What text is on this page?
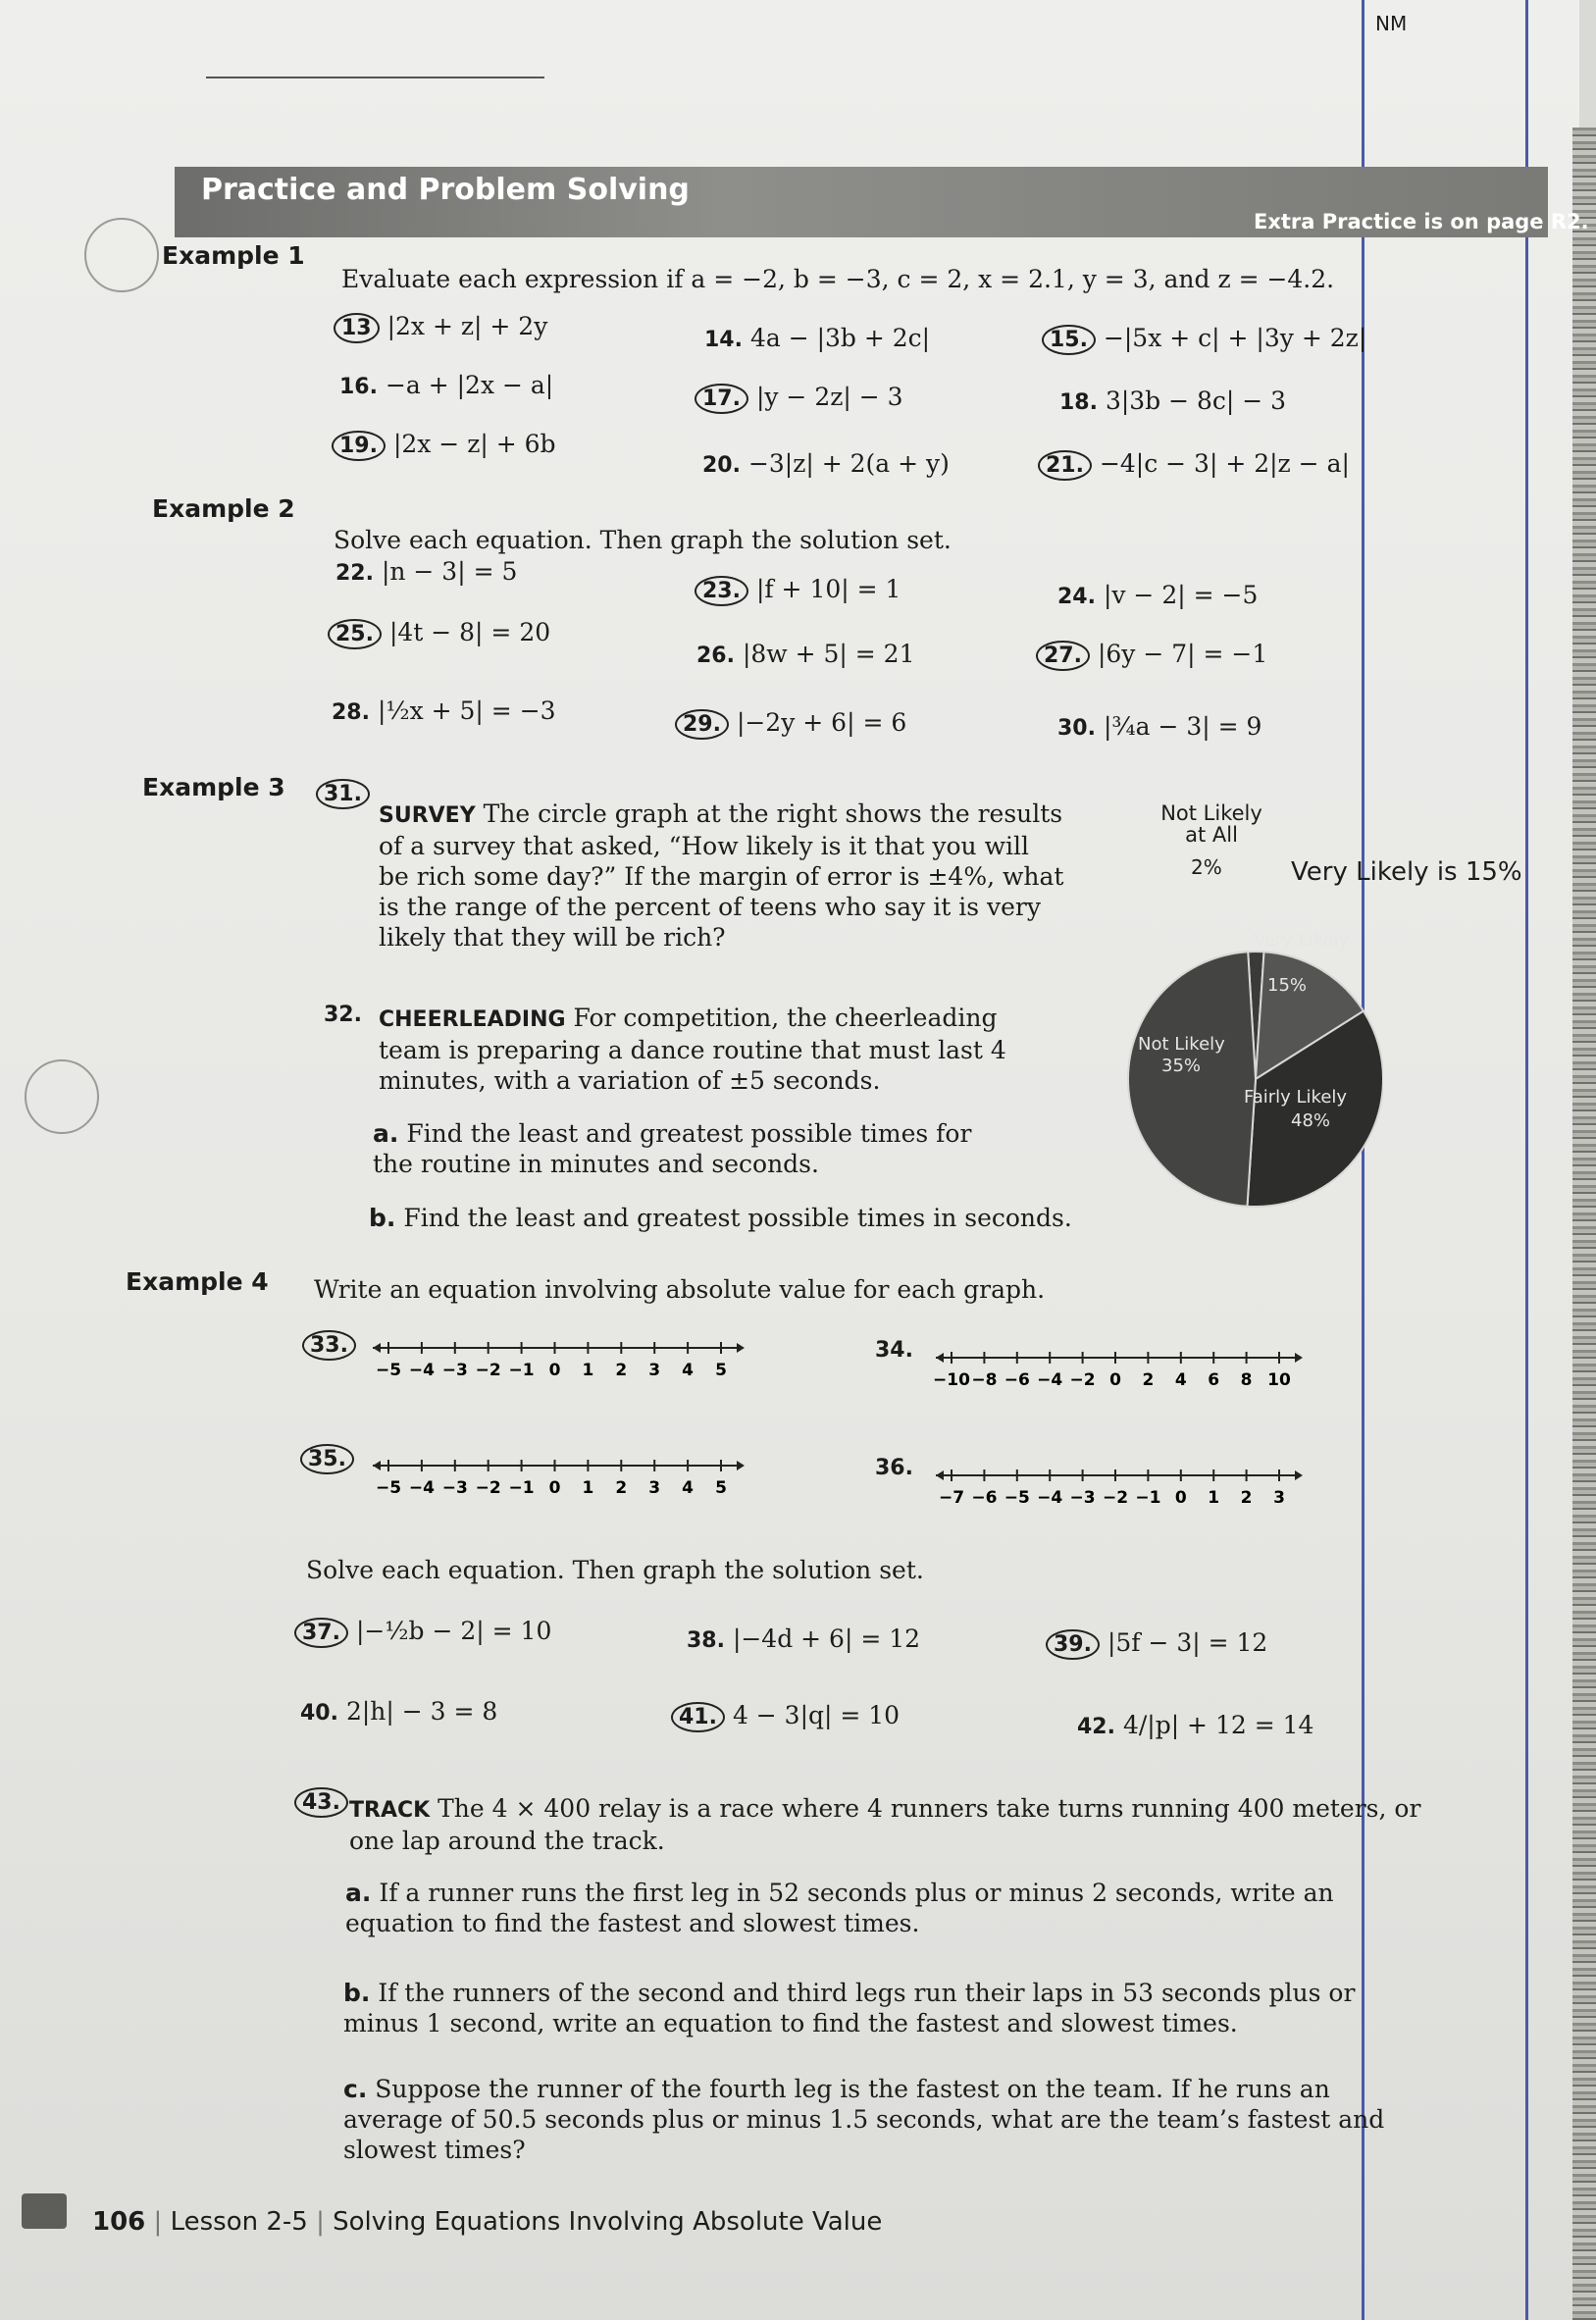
NM
Practice and Problem Solving
Extra Practice is on page R2.
Example 1
Evaluate each expression if a = −2, b = −3, c = 2, x = 2.1, y = 3, and z = −4.2.
13 |2x + z| + 2y	14. 4a − |3b + 2c|	15. −|5x + c| + |3y + 2z|
16. −a + |2x − a|	17. |y − 2z| − 3	18. 3|3b − 8c| − 3
19. |2x − z| + 6b
20. −3|z| + 2(a + y)	21. −4|c − 3| + 2|z − a|
Example 2
Solve each equation. Then graph the solution set.
22. |n − 3| = 5
23. |f + 10| = 1	24. |v − 2| = −5
25. |4t − 8| = 20
26. |8w + 5| = 21	27. |6y − 7| = −1
28. |½x + 5| = −3	29. |−2y + 6| = 6	30. |¾a − 3| = 9
Example 3	31.
SURVEY The circle graph at the right shows the results of a survey that asked, “How likely is it that you will be rich some day?” If the margin of error is ±4%, what is the range of the percent of teens who say it is very likely that they will be rich?
32. CHEERLEADING For competition, the cheerleading team is preparing a dance routine that must last 4 minutes, with a variation of ±5 seconds.
a. Find the least and greatest possible times for the routine in minutes and seconds.
b. Find the least and greatest possible times in seconds.
Not Likely at All
2%	Very Likely is 15%
Very Likely
15%
Not Likely
35%
Fairly Likely
48%
Example 4 Write an equation involving absolute value for each graph.
33.	34.
35.	36.
−5 −4 −3 −2 −1 0 1 2 3 4 5	−10 −8 −6 −4 −2 0 2 4 6 8 10
−5 −4 −3 −2 −1 0 1 2 3 4 5	−7 −6 −5 −4 −3 −2 −1 0 1 2 3
Solve each equation. Then graph the solution set.
37. |−½b − 2| = 10	38. |−4d + 6| = 12	39. |5f − 3| = 12
40. 2|h| − 3 = 8	41. 4 − 3|q| = 10	42. 4/|p| + 12 = 14
43. TRACK The 4 × 400 relay is a race where 4 runners take turns running 400 meters, or one lap around the track.
a. If a runner runs the first leg in 52 seconds plus or minus 2 seconds, write an equation to find the fastest and slowest times.
b. If the runners of the second and third legs run their laps in 53 seconds plus or minus 1 second, write an equation to find the fastest and slowest times.
c. Suppose the runner of the fourth leg is the fastest on the team. If he runs an average of 50.5 seconds plus or minus 1.5 seconds, what are the team’s fastest and slowest times?
106 | Lesson 2-5 | Solving Equations Involving Absolute Value
